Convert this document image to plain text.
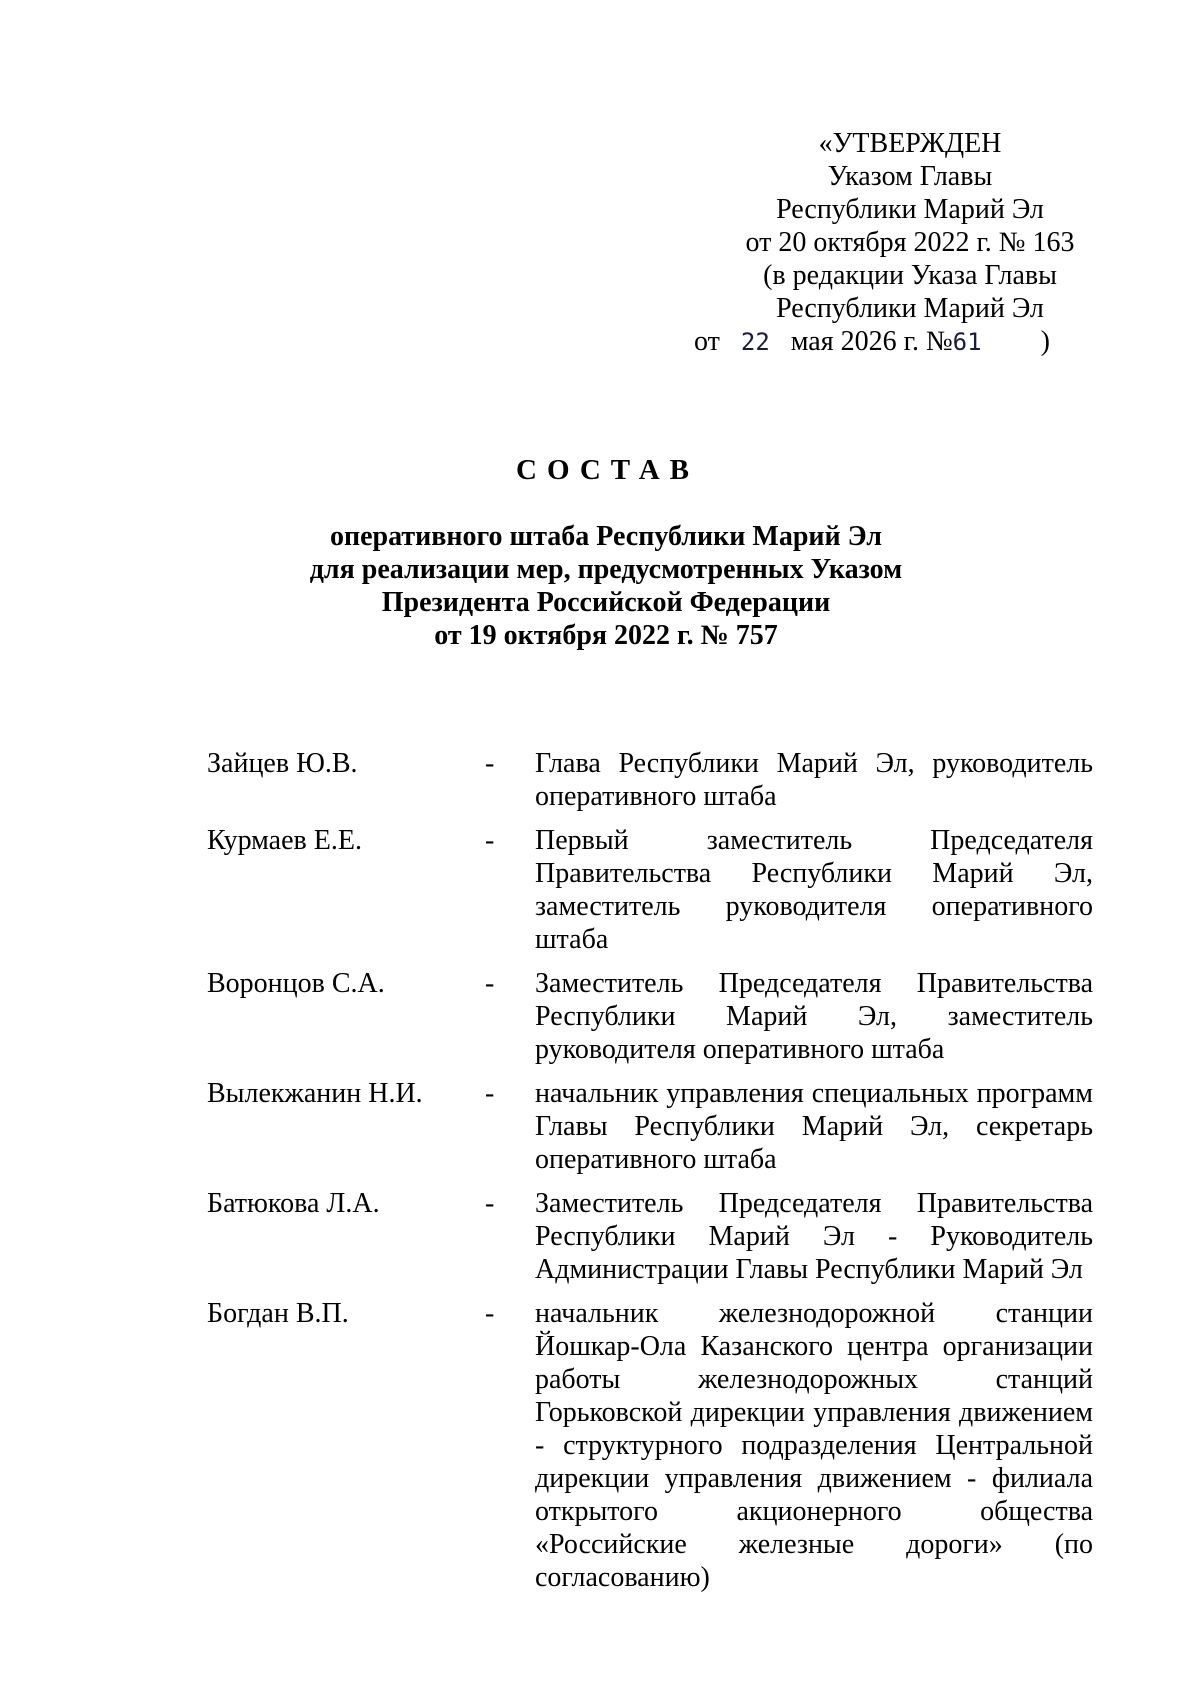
«УТВЕРЖДЕН
Указом Главы
Республики Марий Эл
от 20 октября 2022 г. № 163
(в редакции Указа Главы
Республики Марий Эл
от 22 мая 2026 г. №61 )
СОСТАВ
оперативного штаба Республики Марий Эл
для реализации мер, предусмотренных Указом
Президента Российской Федерации
от 19 октября 2022 г. № 757
Зайцев Ю.В.	-	Глава Республики Марий Эл, руководитель оперативного штаба
Курмаев Е.Е.	-	Первый заместитель Председателя Правительства Республики Марий Эл, заместитель руководителя оперативного штаба
Воронцов С.А.	-	Заместитель Председателя Правительства Республики Марий Эл, заместитель руководителя оперативного штаба
Вылекжанин Н.И.	-	начальник управления специальных программ Главы Республики Марий Эл, секретарь оперативного штаба
Батюкова Л.А.	-	Заместитель Председателя Правительства Республики Марий Эл - Руководитель Администрации Главы Республики Марий Эл
Богдан В.П.	-	начальник железнодорожной станции Йошкар-Ола Казанского центра организации работы железнодорожных станций Горьковской дирекции управления движением - структурного подразделения Центральной дирекции управления движением - филиала открытого акционерного общества «Российские железные дороги» (по согласованию)
